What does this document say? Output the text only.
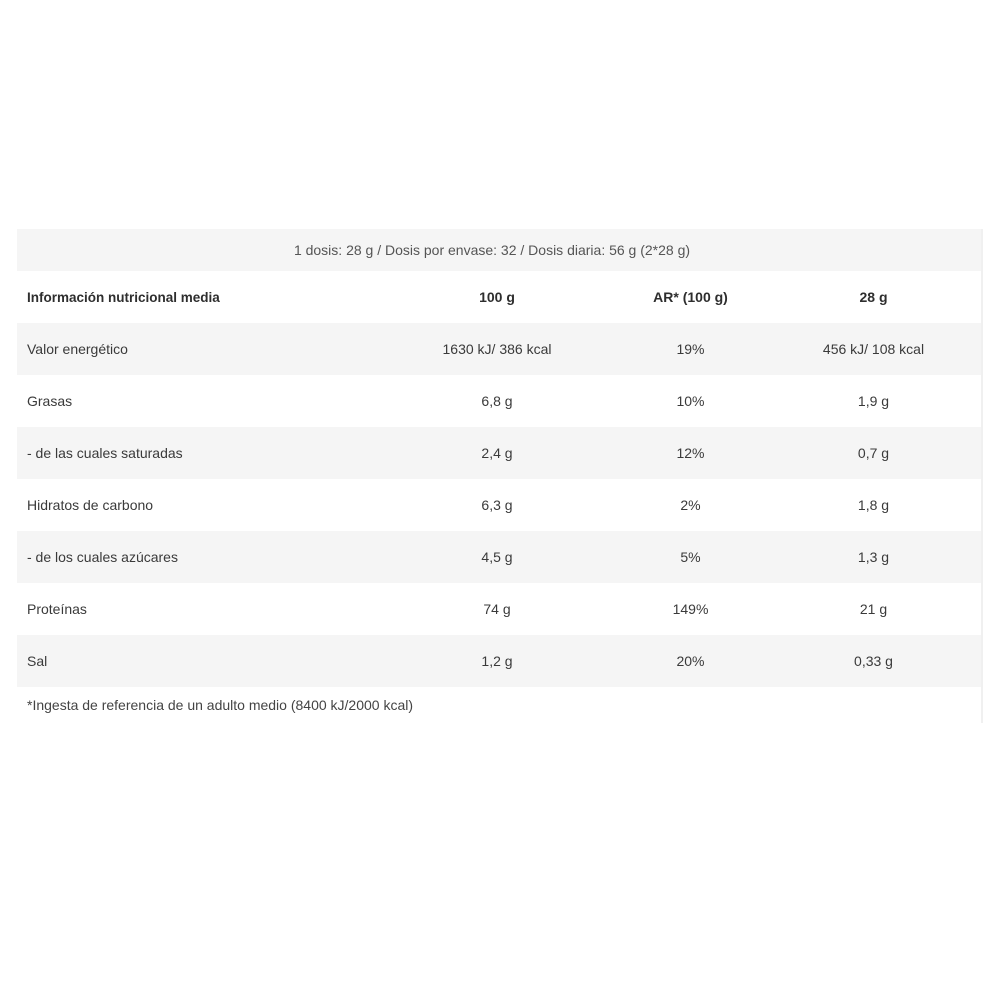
1 dosis: 28 g / Dosis por envase: 32 / Dosis diaria: 56 g (2*28 g)
Información nutricional media	100 g	AR* (100 g)	28 g
Valor energético	1630 kJ/ 386 kcal	19%	456 kJ/ 108 kcal
Grasas	6,8 g	10%	1,9 g
- de las cuales saturadas	2,4 g	12%	0,7 g
Hidratos de carbono	6,3 g	2%	1,8 g
- de los cuales azúcares	4,5 g	5%	1,3 g
Proteínas	74 g	149%	21 g
Sal	1,2 g	20%	0,33 g
*Ingesta de referencia de un adulto medio (8400 kJ/2000 kcal)
